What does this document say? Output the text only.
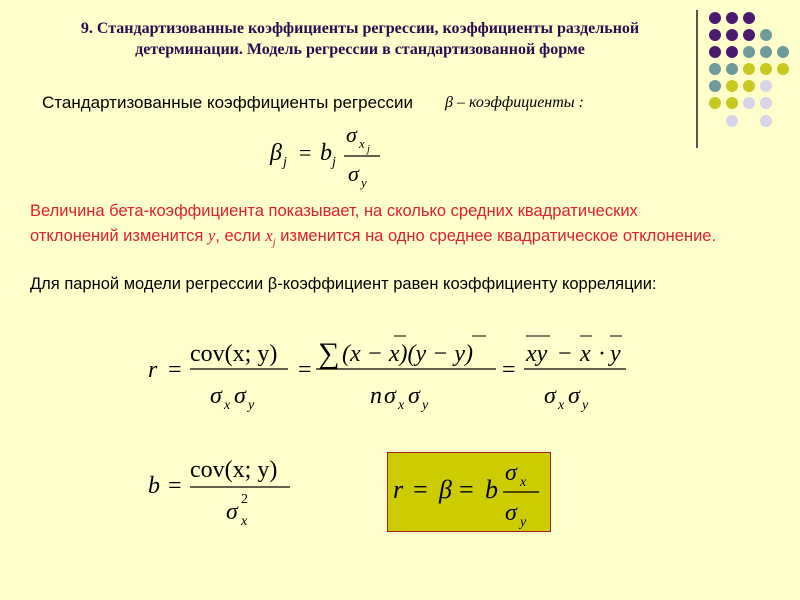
9. Стандартизованные коэффициенты регрессии, коэффициенты раздельной
детерминации. Модель регрессии в стандартизованной форме
Стандартизованные коэффициенты регрессии β – коэффициенты :
β j = b j
σ x j
σ y
Величина бета-коэффициента показывает, на сколько средних квадратических
отклонений изменится y, если $x_j$ изменится на одно среднее квадратическое отклонение.
Для парной модели регрессии β-коэффициент равен коэффициенту корреляции:
r =
cov(x; y)
σ x σ y
= ∑ (x − x)(y − y)
n σ x σ y
=
xy − x · y
σ x σ y
b =
cov(x; y)
σ 2
x
r = β = b
σ x
σ y
